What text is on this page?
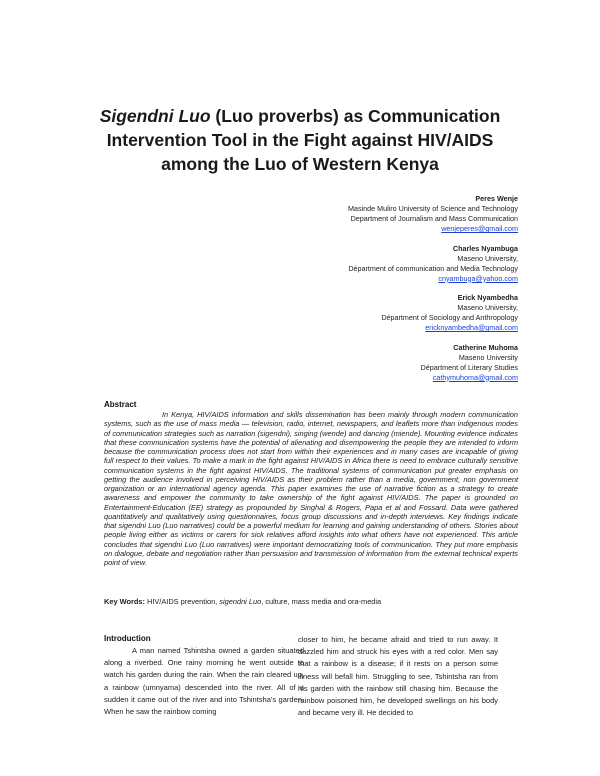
Sigendni Luo (Luo proverbs) as Communication
Intervention Tool in the Fight against HIV/AIDS
among the Luo of Western Kenya
Peres Wenje
Masinde Muliro University of Science and Technology
Department of Journalism and Mass Communication
wenjeperes@gmail.com
Charles Nyambuga
Maseno University,
Départment of communication and Media Technology
cnyambuga@yahoo.com
Erick Nyambedha
Maseno University,
Départment of Sociology and Anthropology
ericknyambedha@gmail.com
Catherine Muhoma
Maseno University
Départment of Literary Studies
cathymuhoma@gmail.com
Abstract
In Kenya, HIV/AIDS information and skills dissemination has been mainly through modern communication systems, such as the use of mass media — television, radio, internet, newspapers, and leaflets more than indigenous modes of communication strategies such as narration (sigendni), singing (wende) and dancing (miende). Mounting evidence indicates that these communication systems have the potential of alienating and disempowering the people they are intended to inform because the communication process does not start from within their experiences and in many cases are incapable of giving full respect to their values. To make a mark in the fight against HIV/AIDS in Africa there is need to embrace culturally sensitive communication systems in the fight against HIV/AIDS. The traditional systems of communication put greater emphasis on getting the audience involved in perceiving HIV/AIDS as their problem rather than a media, government, non government organization or an international agency agenda. This paper examines the use of narrative fiction as a strategy to create awareness and empower the community to take ownership of the fight against HIV/AIDS. The paper is grounded on Entertainment-Education (EE) strategy as propounded by Singhal & Rogers, Papa et al and Fossard. Data were gathered quantitatively and qualitatively using questionnaires, focus group discussions and in-depth interviews. Key findings indicate that sigendni Luo (Luo narratives) could be a powerful medium for learning and gaining understanding of others. Stories about people living either as victims or carers for sick relatives afford insights into what others have not experienced. This article concludes that sigendni Luo (Luo narratives) were important democratizing tools of communication. They put more emphasis on dialogue, debate and negotiation rather than persuasion and transmission of information from the external technical experts point of view.
Key Words: HIV/AIDS prevention, sigendni Luo, culture, mass media and ora-media
Introduction
A man named Tshintsha owned a garden situated along a riverbed. One rainy morning he went outside to watch his garden during the rain. When the rain cleared up, a rainbow (umnyama) descended into the river. All of a sudden it came out of the river and into Tshintsha's garden. When he saw the rainbow coming
closer to him, he became afraid and tried to run away. It dazzled him and struck his eyes with a red color. Men say that a rainbow is a disease; if it rests on a person some illness will befall him. Struggling to see, Tshintsha ran from his garden with the rainbow still chasing him. Because the rainbow poisoned him, he developed swellings on his body and became very ill. He decided to
